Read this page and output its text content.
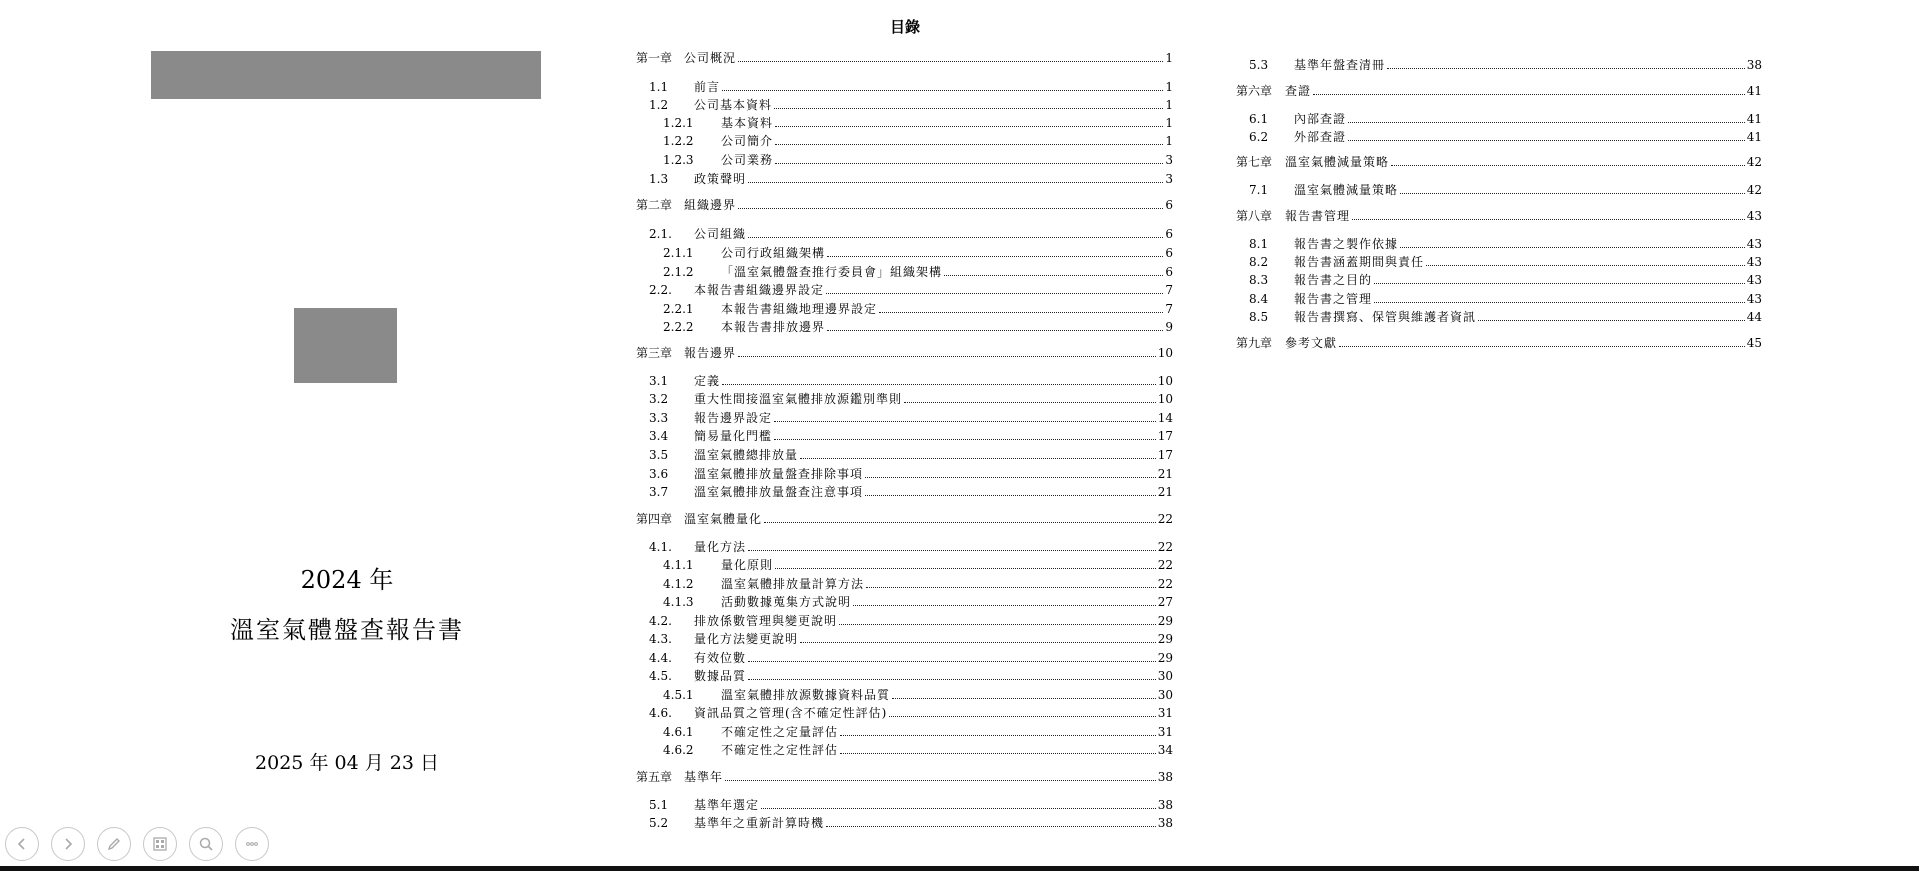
2024 年
溫室氣體盤查報告書
2025 年 04 月 23 日
目錄
第一章 公司概況	1
1.1	前言	1
1.2	公司基本資料	1
1.2.1	基本資料	1
1.2.2	公司簡介	1
1.2.3	公司業務	3
1.3	政策聲明	3
第二章 組織邊界	6
2.1.	公司組織	6
2.1.1	公司行政組織架構	6
2.1.2	「溫室氣體盤查推行委員會」組織架構	6
2.2.	本報告書組織邊界設定	7
2.2.1	本報告書組織地理邊界設定	7
2.2.2	本報告書排放邊界	9
第三章 報告邊界	10
3.1	定義	10
3.2	重大性間接溫室氣體排放源鑑別準則	10
3.3	報告邊界設定	14
3.4	簡易量化門檻	17
3.5	溫室氣體總排放量	17
3.6	溫室氣體排放量盤查排除事項	21
3.7	溫室氣體排放量盤查注意事項	21
第四章 溫室氣體量化	22
4.1.	量化方法	22
4.1.1	量化原則	22
4.1.2	溫室氣體排放量計算方法	22
4.1.3	活動數據蒐集方式說明	27
4.2.	排放係數管理與變更說明	29
4.3.	量化方法變更說明	29
4.4.	有效位數	29
4.5.	數據品質	30
4.5.1	溫室氣體排放源數據資料品質	30
4.6.	資訊品質之管理(含不確定性評估)	31
4.6.1	不確定性之定量評估	31
4.6.2	不確定性之定性評估	34
第五章 基準年	38
5.1	基準年選定	38
5.2	基準年之重新計算時機	38
5.3	基準年盤查清冊	38
第六章	查證	41
6.1	內部查證	41
6.2	外部查證	41
第七章	溫室氣體減量策略	42
7.1	溫室氣體減量策略	42
第八章	報告書管理	43
8.1	報告書之製作依據	43
8.2	報告書涵蓋期間與責任	43
8.3	報告書之目的	43
8.4	報告書之管理	43
8.5	報告書撰寫、保管與維護者資訊	44
第九章	參考文獻	45
